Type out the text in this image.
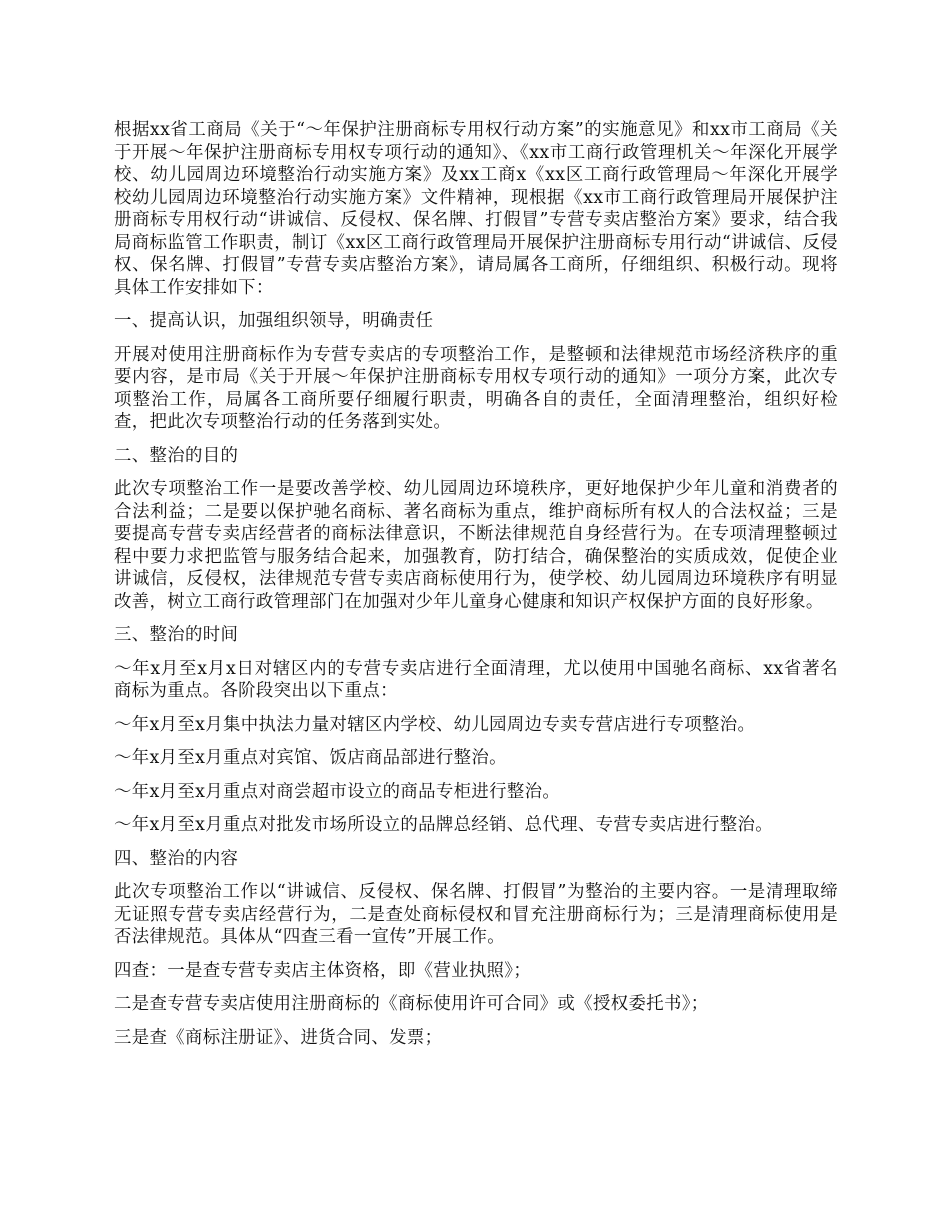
根据xx省工商局《关于“～年保护注册商标专用权行动方案”的实施意见》和xx市工商局《关于开展～年保护注册商标专用权专项行动的通知》、《xx市工商行政管理机关～年深化开展学校、幼儿园周边环境整治行动实施方案》及xx工商x《xx区工商行政管理局～年深化开展学校幼儿园周边环境整治行动实施方案》文件精神，现根据《xx市工商行政管理局开展保护注册商标专用权行动“讲诚信、反侵权、保名牌、打假冒”专营专卖店整治方案》要求，结合我局商标监管工作职责，制订《xx区工商行政管理局开展保护注册商标专用行动“讲诚信、反侵权、保名牌、打假冒”专营专卖店整治方案》，请局属各工商所，仔细组织、积极行动。现将具体工作安排如下：

一、提高认识，加强组织领导，明确责任

开展对使用注册商标作为专营专卖店的专项整治工作，是整顿和法律规范市场经济秩序的重要内容，是市局《关于开展～年保护注册商标专用权专项行动的通知》一项分方案，此次专项整治工作，局属各工商所要仔细履行职责，明确各自的责任，全面清理整治，组织好检查，把此次专项整治行动的任务落到实处。

二、整治的目的

此次专项整治工作一是要改善学校、幼儿园周边环境秩序，更好地保护少年儿童和消费者的合法利益；二是要以保护驰名商标、著名商标为重点，维护商标所有权人的合法权益；三是要提高专营专卖店经营者的商标法律意识，不断法律规范自身经营行为。在专项清理整顿过程中要力求把监管与服务结合起来，加强教育，防打结合，确保整治的实质成效，促使企业讲诚信，反侵权，法律规范专营专卖店商标使用行为，使学校、幼儿园周边环境秩序有明显改善，树立工商行政管理部门在加强对少年儿童身心健康和知识产权保护方面的良好形象。

三、整治的时间

～年x月至x月x日对辖区内的专营专卖店进行全面清理，尤以使用中国驰名商标、xx省著名商标为重点。各阶段突出以下重点：

～年x月至x月集中执法力量对辖区内学校、幼儿园周边专卖专营店进行专项整治。

～年x月至x月重点对宾馆、饭店商品部进行整治。

～年x月至x月重点对商尝超市设立的商品专柜进行整治。

～年x月至x月重点对批发市场所设立的品牌总经销、总代理、专营专卖店进行整治。

四、整治的内容

此次专项整治工作以“讲诚信、反侵权、保名牌、打假冒”为整治的主要内容。一是清理取缔无证照专营专卖店经营行为，二是查处商标侵权和冒充注册商标行为；三是清理商标使用是否法律规范。具体从“四查三看一宣传”开展工作。

四查：一是查专营专卖店主体资格，即《营业执照》；

二是查专营专卖店使用注册商标的《商标使用许可合同》或《授权委托书》；

三是查《商标注册证》、进货合同、发票；
